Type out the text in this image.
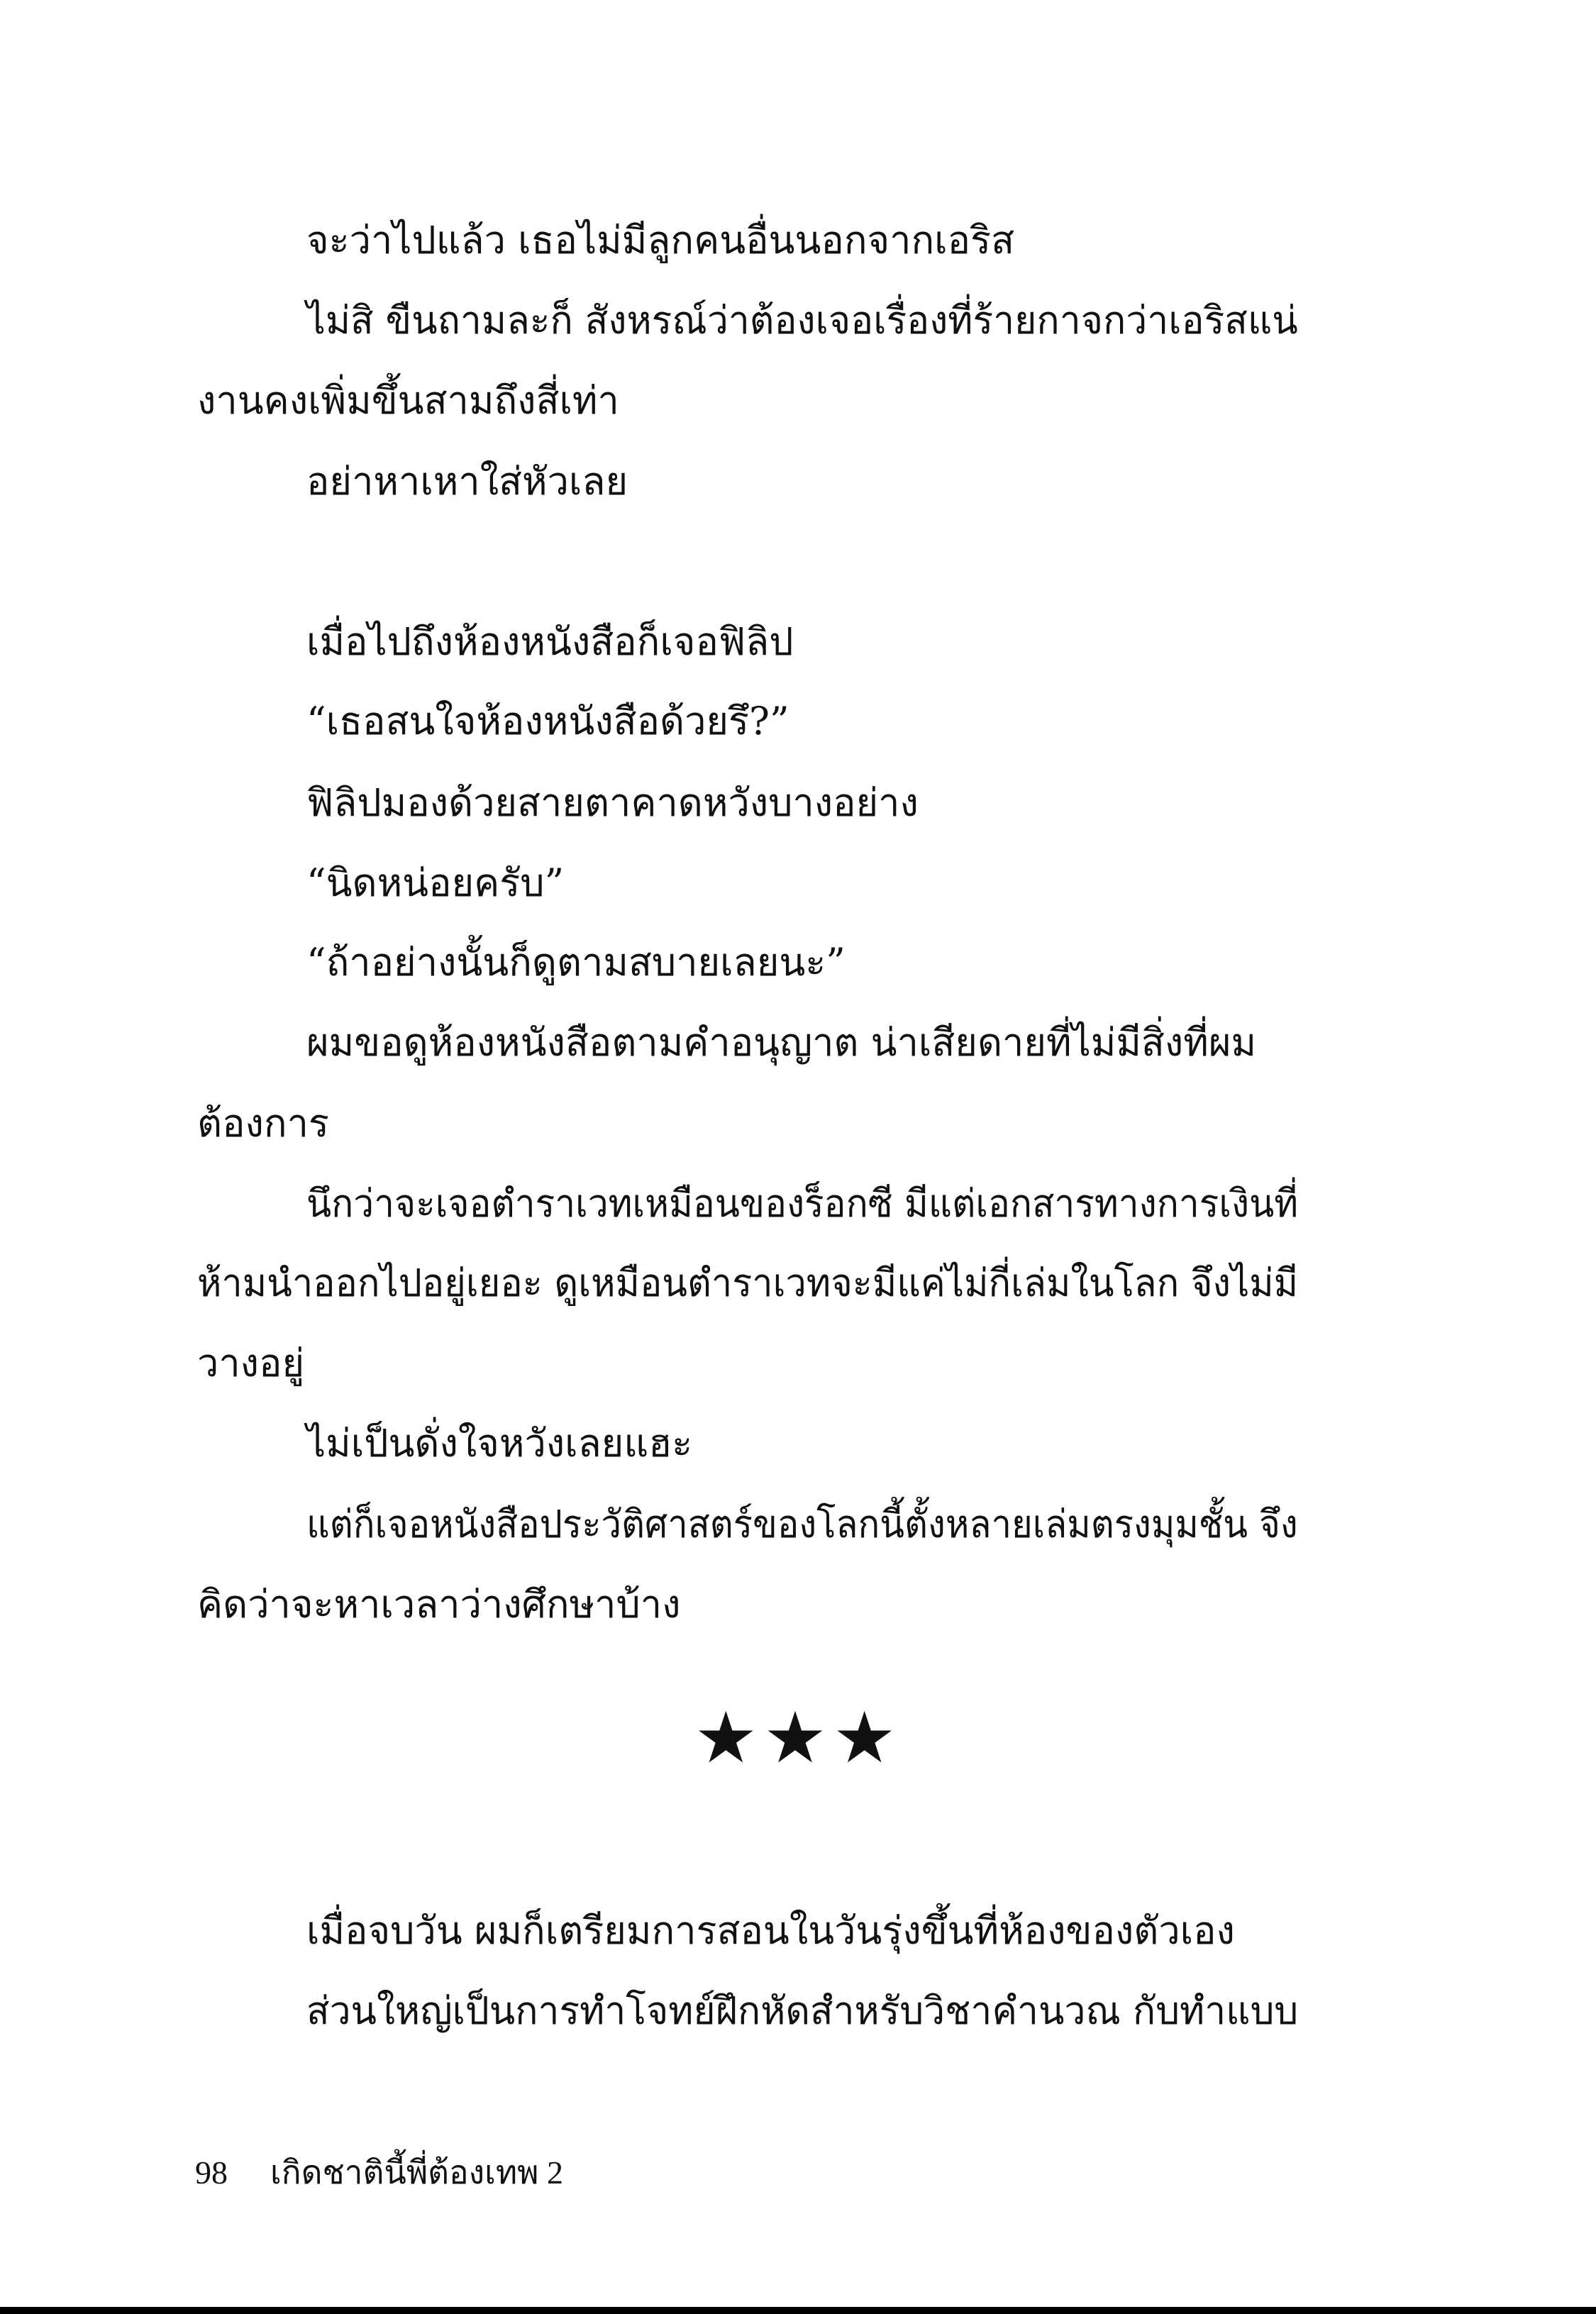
จะว่าไปแล้ว เธอไม่มีลูกคนอื่นนอกจากเอริส
ไม่สิ ขืนถามละก็ สังหรณ์ว่าต้องเจอเรื่องที่ร้ายกาจกว่าเอริสแน่
งานคงเพิ่มขึ้นสามถึงสี่เท่า
อย่าหาเหาใส่หัวเลย
เมื่อไปถึงห้องหนังสือก็เจอฟิลิป
“เธอสนใจห้องหนังสือด้วยรึ?”
ฟิลิปมองด้วยสายตาคาดหวังบางอย่าง
“นิดหน่อยครับ”
“ถ้าอย่างนั้นก็ดูตามสบายเลยนะ”
ผมขอดูห้องหนังสือตามคำอนุญาต น่าเสียดายที่ไม่มีสิ่งที่ผม
ต้องการ
นึกว่าจะเจอตำราเวทเหมือนของร็อกซี มีแต่เอกสารทางการเงินที่
ห้ามนำออกไปอยู่เยอะ ดูเหมือนตำราเวทจะมีแค่ไม่กี่เล่มในโลก จึงไม่มี
วางอยู่
ไม่เป็นดั่งใจหวังเลยแฮะ
แต่ก็เจอหนังสือประวัติศาสตร์ของโลกนี้ตั้งหลายเล่มตรงมุมชั้น จึง
คิดว่าจะหาเวลาว่างศึกษาบ้าง
★★★
เมื่อจบวัน ผมก็เตรียมการสอนในวันรุ่งขึ้นที่ห้องของตัวเอง
ส่วนใหญ่เป็นการทำโจทย์ฝึกหัดสำหรับวิชาคำนวณ กับทำแบบ
98 เกิดชาตินี้พี่ต้องเทพ 2
